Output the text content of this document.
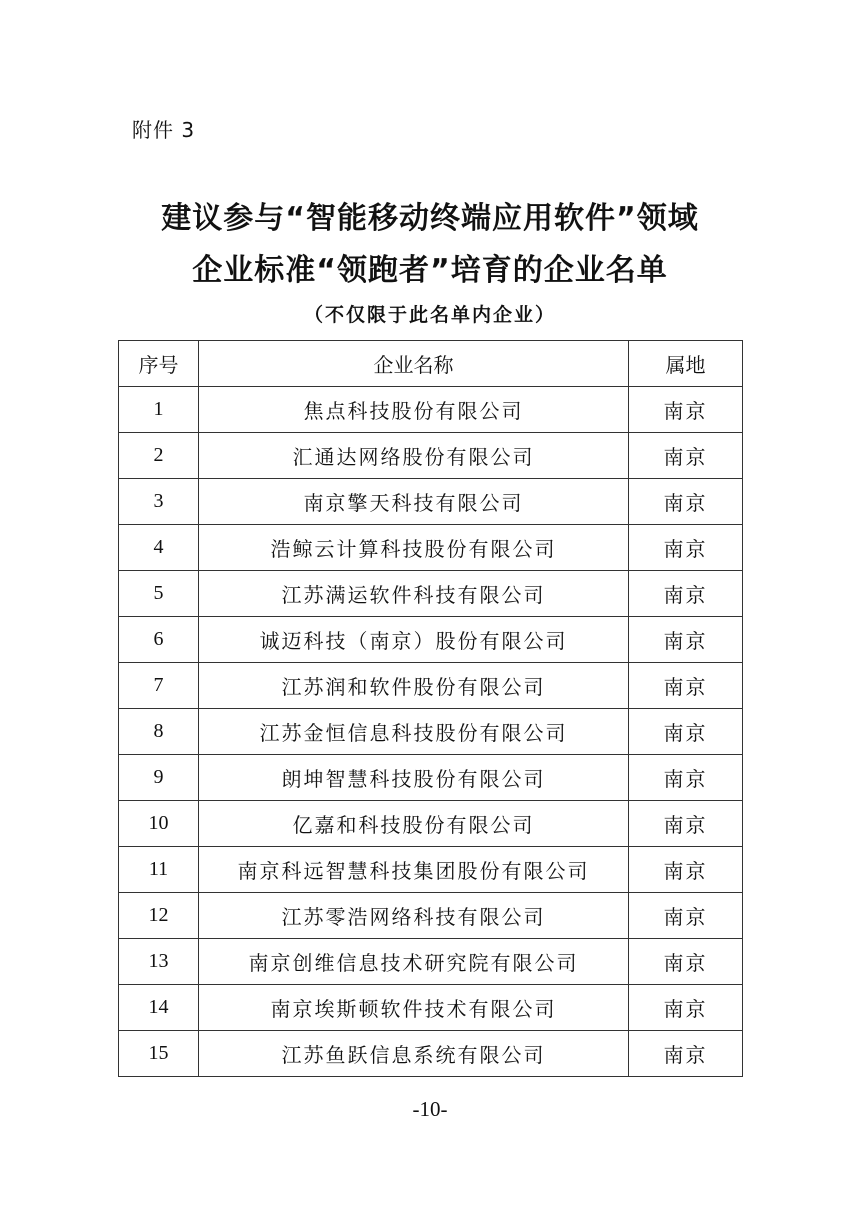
附件 3
建议参与“智能移动终端应用软件”领域
企业标准“领跑者”培育的企业名单
（不仅限于此名单内企业）
序号	企业名称	属地
1	焦点科技股份有限公司	南京
2	汇通达网络股份有限公司	南京
3	南京擎天科技有限公司	南京
4	浩鲸云计算科技股份有限公司	南京
5	江苏满运软件科技有限公司	南京
6	诚迈科技（南京）股份有限公司	南京
7	江苏润和软件股份有限公司	南京
8	江苏金恒信息科技股份有限公司	南京
9	朗坤智慧科技股份有限公司	南京
10	亿嘉和科技股份有限公司	南京
11	南京科远智慧科技集团股份有限公司	南京
12	江苏零浩网络科技有限公司	南京
13	南京创维信息技术研究院有限公司	南京
14	南京埃斯顿软件技术有限公司	南京
15	江苏鱼跃信息系统有限公司	南京
-10-
